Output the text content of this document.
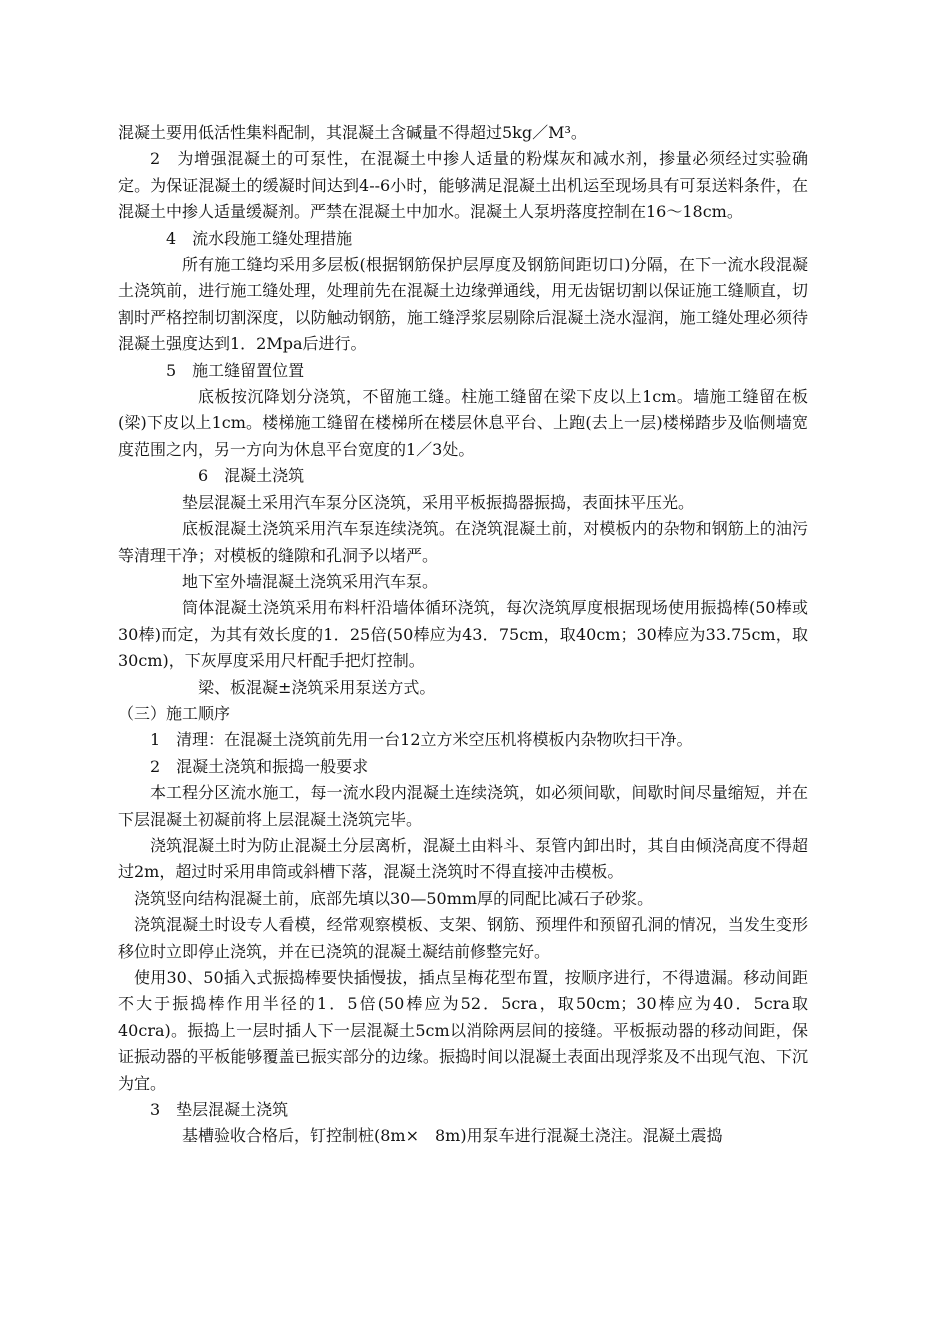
混凝土要用低活性集料配制，其混凝土含碱量不得超过5kg／M³。

2　为增强混凝土的可泵性，在混凝土中掺人适量的粉煤灰和减水剂，掺量必须经过实验确定。为保证混凝土的缓凝时间达到4--6小时，能够满足混凝土出机运至现场具有可泵送料条件，在混凝土中掺人适量缓凝剂。严禁在混凝土中加水。混凝土人泵坍落度控制在16～18cm。

4　流水段施工缝处理措施

所有施工缝均采用多层板(根据钢筋保护层厚度及钢筋间距切口)分隔，在下一流水段混凝土浇筑前，进行施工缝处理，处理前先在混凝土边缘弹通线，用无齿锯切割以保证施工缝顺直，切割时严格控制切割深度，以防触动钢筋，施工缝浮浆层剔除后混凝土浇水湿润，施工缝处理必须待混凝土强度达到1．2Mpa后进行。

5　施工缝留置位置

底板按沉降划分浇筑，不留施工缝。柱施工缝留在梁下皮以上1cm。墙施工缝留在板(梁)下皮以上1cm。楼梯施工缝留在楼梯所在楼层休息平台、上跑(去上一层)楼梯踏步及临侧墙宽度范围之内，另一方向为休息平台宽度的1／3处。

6　混凝土浇筑

垫层混凝土采用汽车泵分区浇筑，采用平板振捣器振捣，表面抹平压光。

底板混凝土浇筑采用汽车泵连续浇筑。在浇筑混凝土前，对模板内的杂物和钢筋上的油污等清理干净；对模板的缝隙和孔洞予以堵严。

地下室外墙混凝土浇筑采用汽车泵。

筒体混凝土浇筑采用布料杆沿墙体循环浇筑，每次浇筑厚度根据现场使用振捣棒(50棒或30棒)而定，为其有效长度的1．25倍(50棒应为43．75cm，取40cm；30棒应为33.75cm，取30cm)，下灰厚度采用尺杆配手把灯控制。

梁、板混凝±浇筑采用泵送方式。

（三）施工顺序

1　清理：在混凝土浇筑前先用一台12立方米空压机将模板内杂物吹扫干净。

2　混凝土浇筑和振捣一般要求

本工程分区流水施工，每一流水段内混凝土连续浇筑，如必须间歇，间歇时间尽量缩短，并在下层混凝土初凝前将上层混凝土浇筑完毕。

浇筑混凝土时为防止混凝土分层离析，混凝土由料斗、泵管内卸出时，其自由倾浇高度不得超过2m，超过时采用串筒或斜槽下落，混凝土浇筑时不得直接冲击模板。

浇筑竖向结构混凝土前，底部先填以30—50mm厚的同配比减石子砂浆。

浇筑混凝土时设专人看模，经常观察模板、支架、钢筋、预埋件和预留孔洞的情况，当发生变形移位时立即停止浇筑，并在已浇筑的混凝土凝结前修整完好。

使用30、50插入式振捣棒要快插慢拔，插点呈梅花型布置，按顺序进行，不得遗漏。移动间距不大于振捣棒作用半径的1．5倍(50棒应为52．5cra，取50cm；30棒应为40．5cra取40cra)。振捣上一层时插人下一层混凝土5cm以消除两层间的接缝。平板振动器的移动间距，保证振动器的平板能够覆盖已振实部分的边缘。振捣时间以混凝土表面出现浮浆及不出现气泡、下沉为宜。

3　垫层混凝土浇筑

基槽验收合格后，钉控制桩(8m×　8m)用泵车进行混凝土浇注。混凝土震捣
